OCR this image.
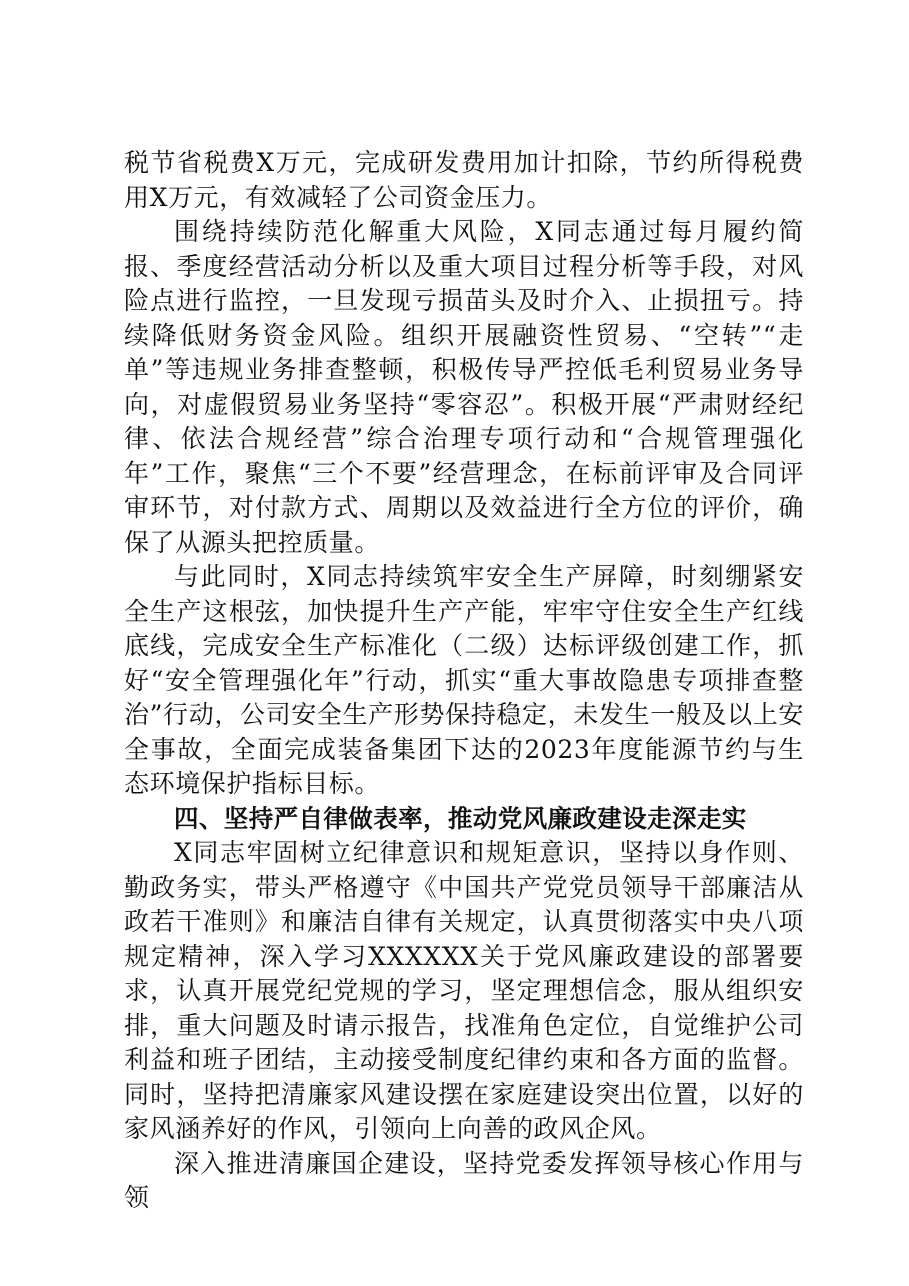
税节省税费X万元，完成研发费用加计扣除，节约所得税费用X万元，有效减轻了公司资金压力。

围绕持续防范化解重大风险，X同志通过每月履约简报、季度经营活动分析以及重大项目过程分析等手段，对风险点进行监控，一旦发现亏损苗头及时介入、止损扭亏。持续降低财务资金风险。组织开展融资性贸易、“空转”“走单”等违规业务排查整顿，积极传导严控低毛利贸易业务导向，对虚假贸易业务坚持“零容忍”。积极开展“严肃财经纪律、依法合规经营”综合治理专项行动和“合规管理强化年”工作，聚焦“三个不要”经营理念，在标前评审及合同评审环节，对付款方式、周期以及效益进行全方位的评价，确保了从源头把控质量。

与此同时，X同志持续筑牢安全生产屏障，时刻绷紧安全生产这根弦，加快提升生产产能，牢牢守住安全生产红线底线，完成安全生产标准化（二级）达标评级创建工作，抓好“安全管理强化年”行动，抓实“重大事故隐患专项排查整治”行动，公司安全生产形势保持稳定，未发生一般及以上安全事故，全面完成装备集团下达的2023年度能源节约与生态环境保护指标目标。

四、坚持严自律做表率，推动党风廉政建设走深走实

X同志牢固树立纪律意识和规矩意识，坚持以身作则、勤政务实，带头严格遵守《中国共产党党员领导干部廉洁从政若干准则》和廉洁自律有关规定，认真贯彻落实中央八项规定精神，深入学习XXXXXX关于党风廉政建设的部署要求，认真开展党纪党规的学习，坚定理想信念，服从组织安排，重大问题及时请示报告，找准角色定位，自觉维护公司利益和班子团结，主动接受制度纪律约束和各方面的监督。同时，坚持把清廉家风建设摆在家庭建设突出位置，以好的家风涵养好的作风，引领向上向善的政风企风。

深入推进清廉国企建设，坚持党委发挥领导核心作用与领
